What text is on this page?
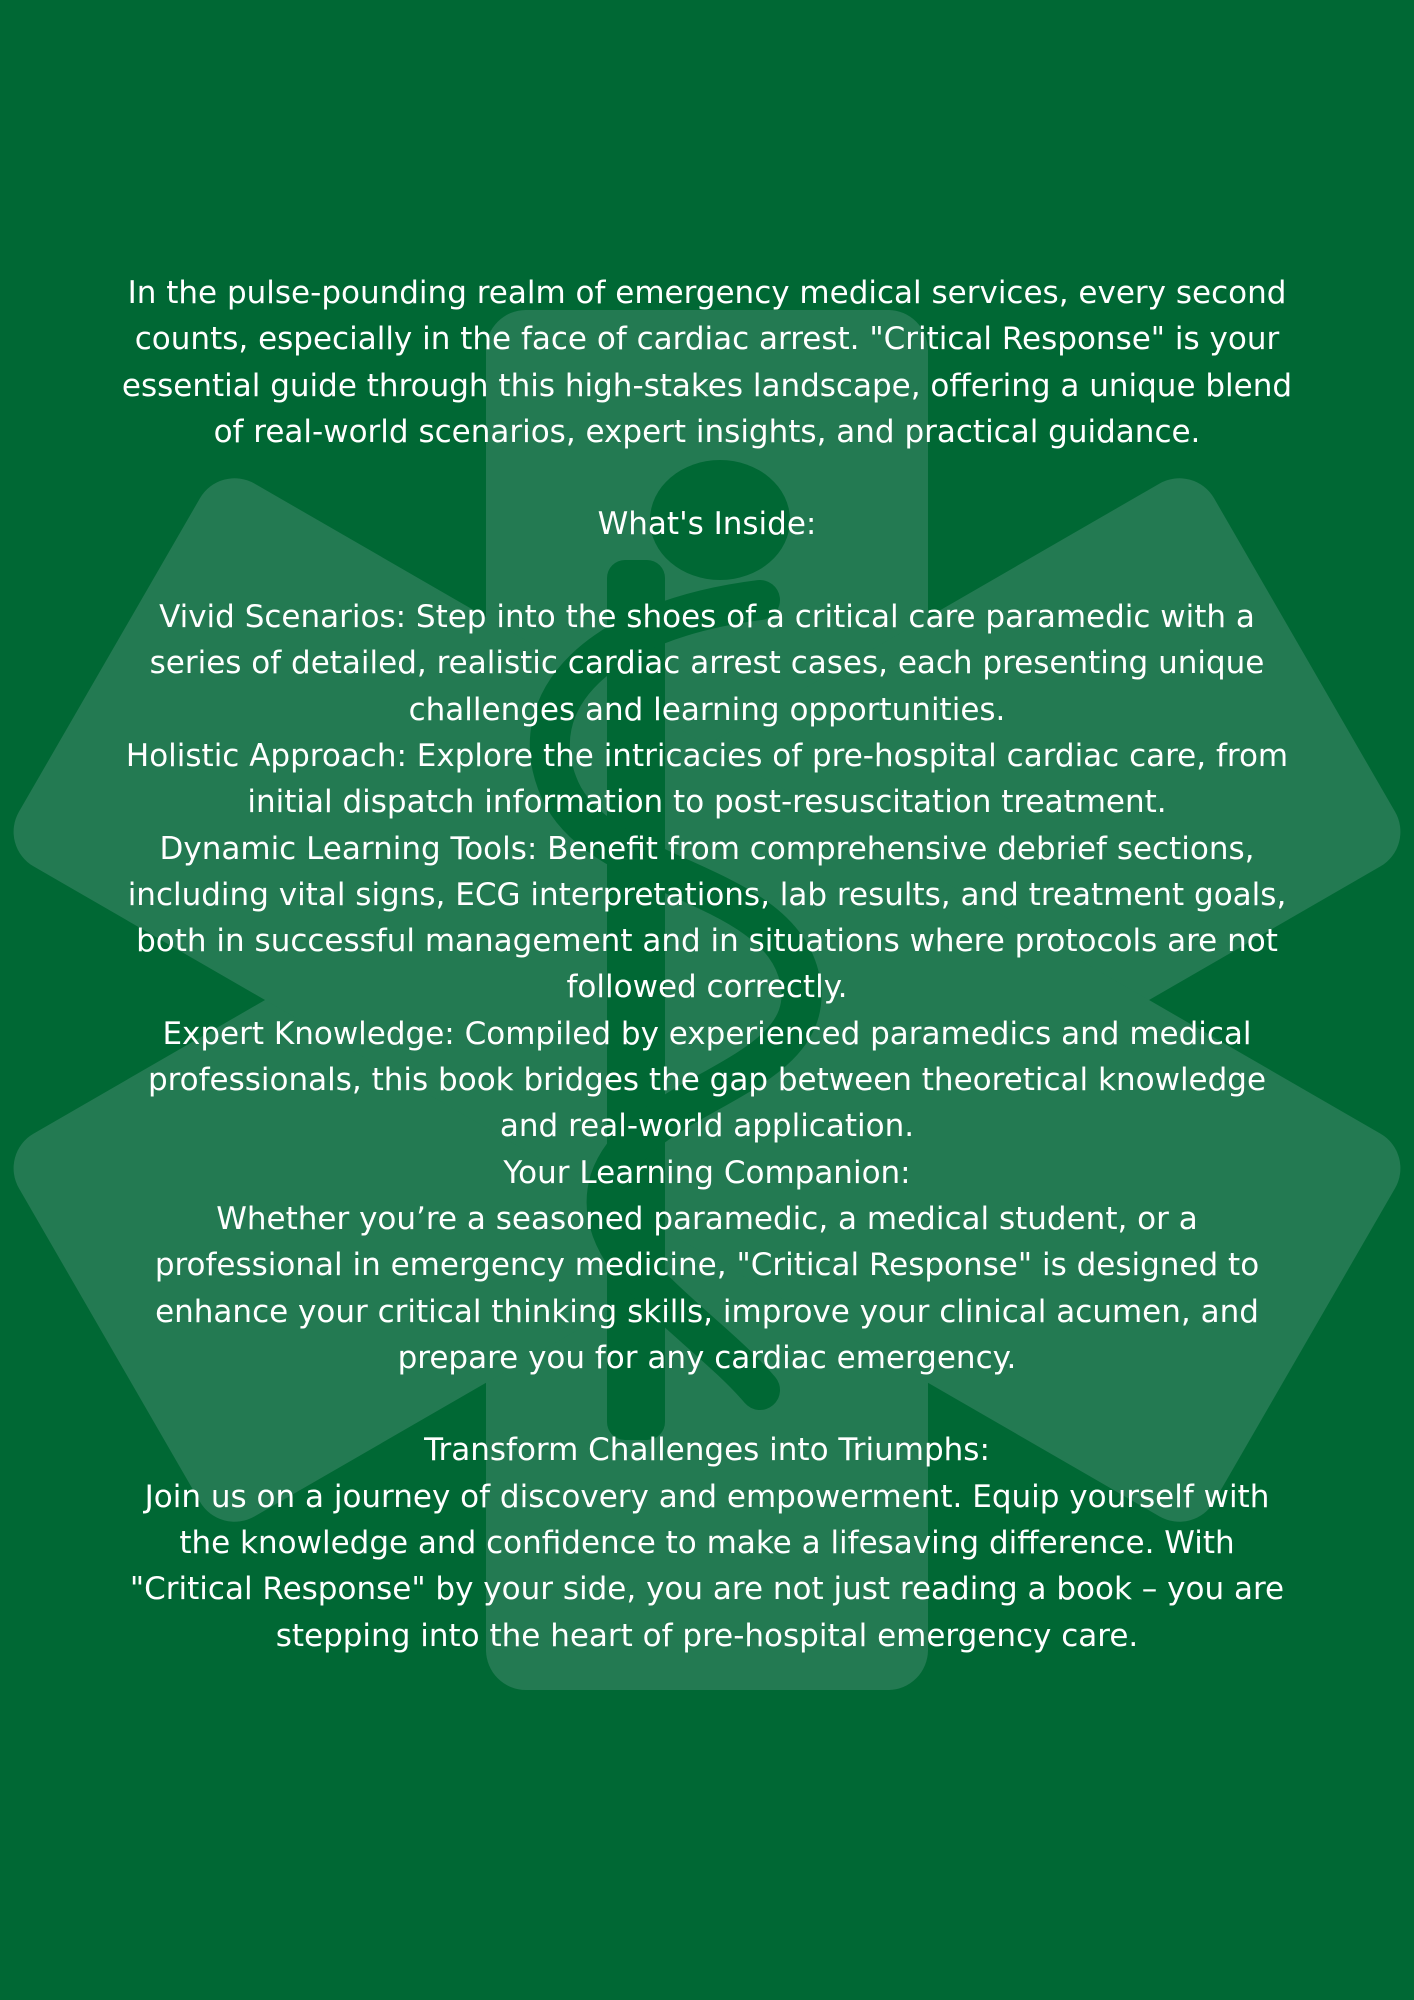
In the pulse-pounding realm of emergency medical services, every second counts, especially in the face of cardiac arrest. "Critical Response" is your essential guide through this high-stakes landscape, offering a unique blend of real-world scenarios, expert insights, and practical guidance.

What's Inside:

Vivid Scenarios: Step into the shoes of a critical care paramedic with a series of detailed, realistic cardiac arrest cases, each presenting unique challenges and learning opportunities.

Holistic Approach: Explore the intricacies of pre-hospital cardiac care, from initial dispatch information to post-resuscitation treatment.

Dynamic Learning Tools: Benefit from comprehensive debrief sections, including vital signs, ECG interpretations, lab results, and treatment goals, both in successful management and in situations where protocols are not followed correctly.

Expert Knowledge: Compiled by experienced paramedics and medical professionals, this book bridges the gap between theoretical knowledge and real-world application.

Your Learning Companion:

Whether you’re a seasoned paramedic, a medical student, or a professional in emergency medicine, "Critical Response" is designed to enhance your critical thinking skills, improve your clinical acumen, and prepare you for any cardiac emergency.

Transform Challenges into Triumphs:

Join us on a journey of discovery and empowerment. Equip yourself with the knowledge and confidence to make a lifesaving difference. With "Critical Response" by your side, you are not just reading a book – you are stepping into the heart of pre-hospital emergency care.
